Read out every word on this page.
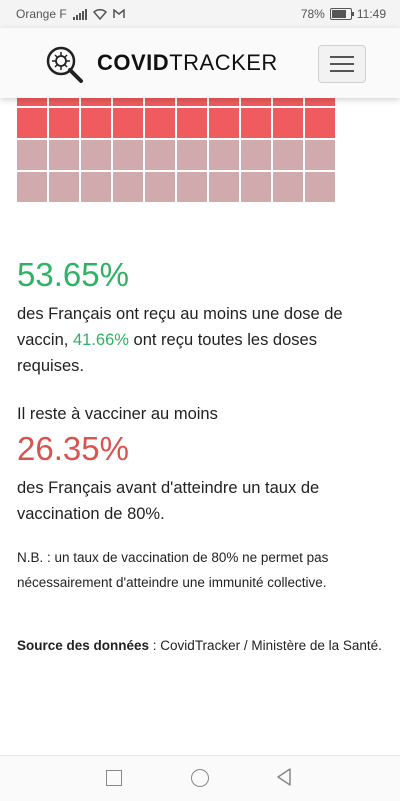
Orange F	78%	11:49
COVIDTRACKER
53.65%

des Français ont reçu au moins une dose de vaccin, 41.66% ont reçu toutes les doses requises.

Il reste à vacciner au moins

26.35%

des Français avant d'atteindre un taux de vaccination de 80%.

N.B. : un taux de vaccination de 80% ne permet pas nécessairement d'atteindre une immunité collective.

Source des données : CovidTracker / Ministère de la Santé.
